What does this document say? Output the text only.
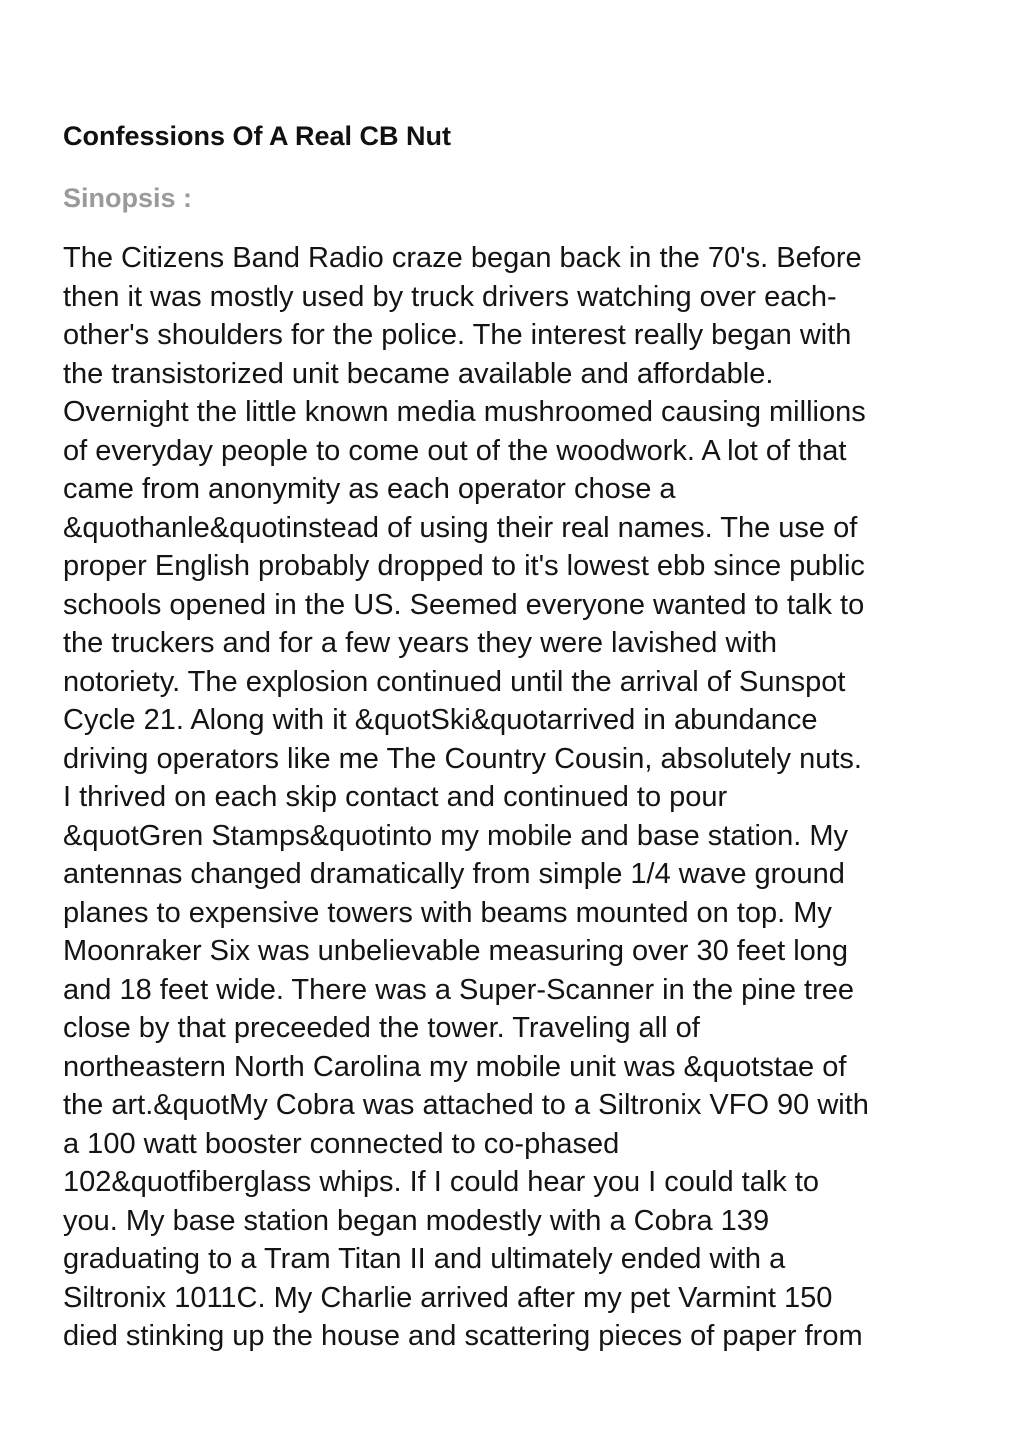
Confessions Of A Real CB Nut
Sinopsis :
The Citizens Band Radio craze began back in the 70's. Before
then it was mostly used by truck drivers watching over each-
other's shoulders for the police. The interest really began with
the transistorized unit became available and affordable.
Overnight the little known media mushroomed causing millions
of everyday people to come out of the woodwork. A lot of that
came from anonymity as each operator chose a
&quothanle&quotinstead of using their real names. The use of
proper English probably dropped to it's lowest ebb since public
schools opened in the US. Seemed everyone wanted to talk to
the truckers and for a few years they were lavished with
notoriety. The explosion continued until the arrival of Sunspot
Cycle 21. Along with it &quotSki&quotarrived in abundance
driving operators like me The Country Cousin, absolutely nuts.
I thrived on each skip contact and continued to pour
&quotGren Stamps&quotinto my mobile and base station. My
antennas changed dramatically from simple 1/4 wave ground
planes to expensive towers with beams mounted on top. My
Moonraker Six was unbelievable measuring over 30 feet long
and 18 feet wide. There was a Super-Scanner in the pine tree
close by that preceeded the tower. Traveling all of
northeastern North Carolina my mobile unit was &quotstae of
the art.&quotMy Cobra was attached to a Siltronix VFO 90 with
a 100 watt booster connected to co-phased
102&quotfiberglass whips. If I could hear you I could talk to
you. My base station began modestly with a Cobra 139
graduating to a Tram Titan II and ultimately ended with a
Siltronix 1011C. My Charlie arrived after my pet Varmint 150
died stinking up the house and scattering pieces of paper from
